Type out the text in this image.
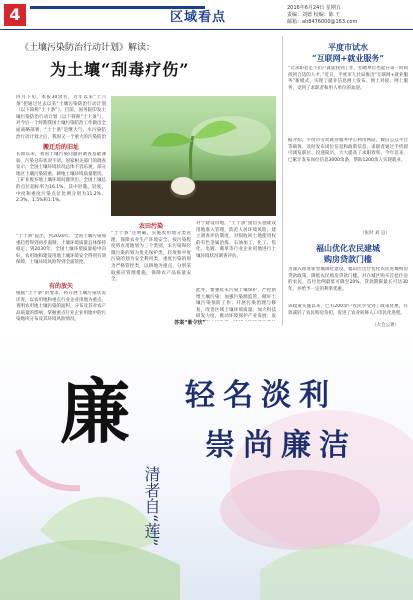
4	区域看点
2016年6月24日 星期五
责编：刘德 校编：陈 王
邮箱：ah8476000@163.com
《土壤污染防治行动计划》解读：
为土壤“刮毒疗伤”
四月下旬，本报30余名，近年以来“土六条”把通过过去以来“土壤污染防治行动计划（以下简称“土十条”）。目前，国务院印发土壤污染防治行动计划（以下简称“土十条”），对今后一个时期我国土壤污染防治工作做出全面战略部署。“土十条”是继大气、水污染防治行动计划之后，我国又一个重大的污染防治
搬迁后的旧址
长期以来，我国土壤污染问题的调查基础薄弱，污染分布状况不清。国家相关部门的调查显示，全国土壤环境状况总体不容乐观，部分地区土壤污染较重，耕地土壤环境质量堪忧，工矿业废弃地土壤环境问题突出。全国土壤总的点位超标率为16.1%，其中轻微、轻度、中度和重度污染点位比例分别为11.2%、2.3%、1.5%和1.1%。
“土十条”提出，到2020年，全国土壤污染加重趋势得到初步遏制，土壤环境质量总体保持稳定；到2030年，全国土壤环境质量稳中向好，农用地和建设用地土壤环境安全得到有效保障，土壤环境风险得到全面管控。
有的放矢
根据“土十条”的要求，将开展土壤污染状况详查，以农用地和重点行业企业用地为重点，查明农用地土壤污染的面积、分布及其对农产品质量的影响；掌握重点行业企业用地中的污染地块分布及其环境风险情况。
农田污染
“土十条”还明确，实施农用地分类管理，保障农业生产环境安全。按污染程度将农用地划为三个类别，未污染和轻微污染的划为优先保护类，轻度和中度污染的划为安全利用类，重度污染的划为严格管控类，以耕地为重点，分别采取相应管理措施，保障农产品质量安全。
对于建设用地，“土十条”提出实施建设用地准入管理，防范人居环境风险。建立调查评估制度，对拟收回土地使用权的有色金属冶炼、石油加工、化工、焦化、电镀、制革等行业企业用地进行土壤环境状况调查评估。
此外，要强化未污染土壤保护，严控新增土壤污染；加强污染源监管，做好土壤污染预防工作；开展污染治理与修复，改善区域土壤环境质量；加大科技研发力度，推动环境保护产业发展；发
答案“紫令状”
平度市试水
“互联网+就业服务”
“让求职者足不出户就能找到工作，招聘单位也能在第一时间找到合适的人才。”近日，平度市人社局推出“互联网+就业服务”新模式，实现了就业信息网上发布、网上对接、网上服务，受到了求职者和用人单位的欢迎。
据介绍，平度市劳动就业服务中心利用网站、微信公众平台等载体，及时发布岗位信息和政策信息，求职者通过手机即可浏览职位、投递简历，大大提高了求职效率。今年以来，已累计发布岗位信息3000余条，帮助1200余人实现就业。
（张时 刘 总）
福山优化农民建城
购房贷款门槛
为深入推进新型城镇化建设，福山区出台优化农民进城购房贷款政策，降低农民购房贷款门槛。对在城区购买首套住房的农民，首付比例最低可降至20%，贷款期限最长可达30年，并给予一定的利率优惠。
该政策实施以来，已有200余户农民享受到了政策优惠，有效减轻了农民购房负担，促进了农业转移人口市民化进程。
（大会公署）
廉 轻名淡利
崇尚廉洁
清者自“莲”
